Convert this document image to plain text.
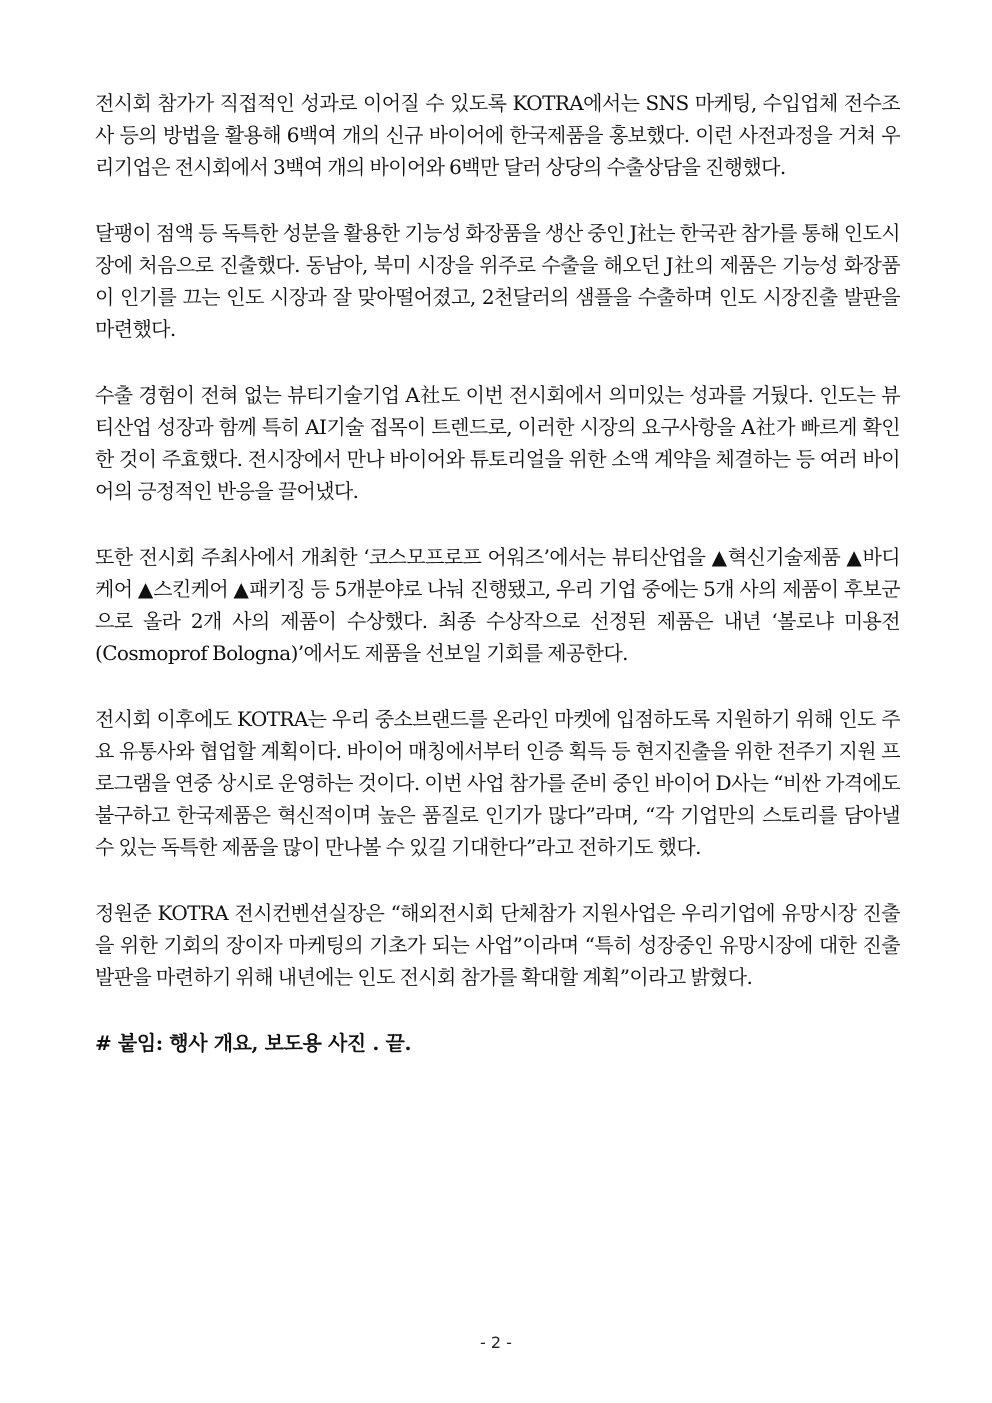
전시회 참가가 직접적인 성과로 이어질 수 있도록 KOTRA에서는 SNS 마케팅, 수입업체 전수조사 등의 방법을 활용해 6백여 개의 신규 바이어에 한국제품을 홍보했다. 이런 사전과정을 거쳐 우리기업은 전시회에서 3백여 개의 바이어와 6백만 달러 상당의 수출상담을 진행했다.

달팽이 점액 등 독특한 성분을 활용한 기능성 화장품을 생산 중인 J社는 한국관 참가를 통해 인도시장에 처음으로 진출했다. 동남아, 북미 시장을 위주로 수출을 해오던 J社의 제품은 기능성 화장품이 인기를 끄는 인도 시장과 잘 맞아떨어졌고, 2천달러의 샘플을 수출하며 인도 시장진출 발판을 마련했다.

수출 경험이 전혀 없는 뷰티기술기업 A社도 이번 전시회에서 의미있는 성과를 거뒀다. 인도는 뷰티산업 성장과 함께 특히 AI기술 접목이 트렌드로, 이러한 시장의 요구사항을 A社가 빠르게 확인한 것이 주효했다. 전시장에서 만나 바이어와 튜토리얼을 위한 소액 계약을 체결하는 등 여러 바이어의 긍정적인 반응을 끌어냈다.

또한 전시회 주최사에서 개최한 ‘코스모프로프 어워즈’에서는 뷰티산업을 ▲혁신기술제품 ▲바디케어 ▲스킨케어 ▲패키징 등 5개분야로 나눠 진행됐고, 우리 기업 중에는 5개 사의 제품이 후보군으로 올라 2개 사의 제품이 수상했다. 최종 수상작으로 선정된 제품은 내년 ‘볼로냐 미용전(Cosmoprof Bologna)’에서도 제품을 선보일 기회를 제공한다.

전시회 이후에도 KOTRA는 우리 중소브랜드를 온라인 마켓에 입점하도록 지원하기 위해 인도 주요 유통사와 협업할 계획이다. 바이어 매칭에서부터 인증 획득 등 현지진출을 위한 전주기 지원 프로그램을 연중 상시로 운영하는 것이다. 이번 사업 참가를 준비 중인 바이어 D사는 “비싼 가격에도 불구하고 한국제품은 혁신적이며 높은 품질로 인기가 많다”라며, “각 기업만의 스토리를 담아낼 수 있는 독특한 제품을 많이 만나볼 수 있길 기대한다”라고 전하기도 했다.

정원준 KOTRA 전시컨벤션실장은 “해외전시회 단체참가 지원사업은 우리기업에 유망시장 진출을 위한 기회의 장이자 마케팅의 기초가 되는 사업”이라며 “특히 성장중인 유망시장에 대한 진출 발판을 마련하기 위해 내년에는 인도 전시회 참가를 확대할 계획”이라고 밝혔다.

# 붙임: 행사 개요, 보도용 사진 . 끝.

- 2 -
